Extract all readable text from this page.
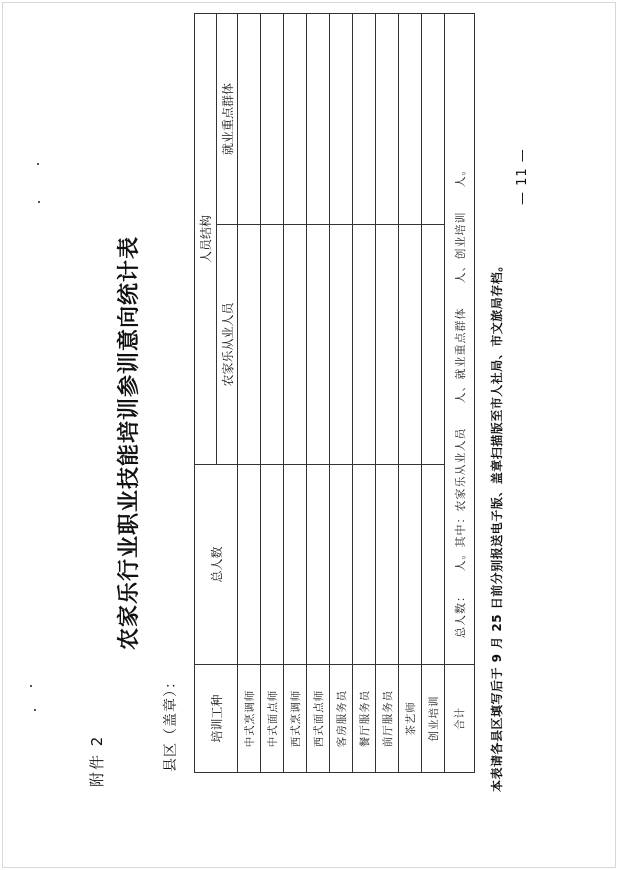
附件 2
农家乐行业职业技能培训参训意向统计表
县区（盖章）：	培训工种	总人数	人员结构	
		农家乐从业人员	就业重点群体
中式烹调师			
中式面点师			
西式烹调师			
西式面点师			
客房服务员			
餐厅服务员			
前厅服务员			
茶艺师			
创业培训			
合计	总人数：　　人。其中：农家乐从业人员　　人、就业重点群体　　人、创业培训　　人。		本表请各县区填写后于 9 月 25 日前分别报送电子版、盖章扫描版至市人社局、市文旅局存档。
— 11 —
